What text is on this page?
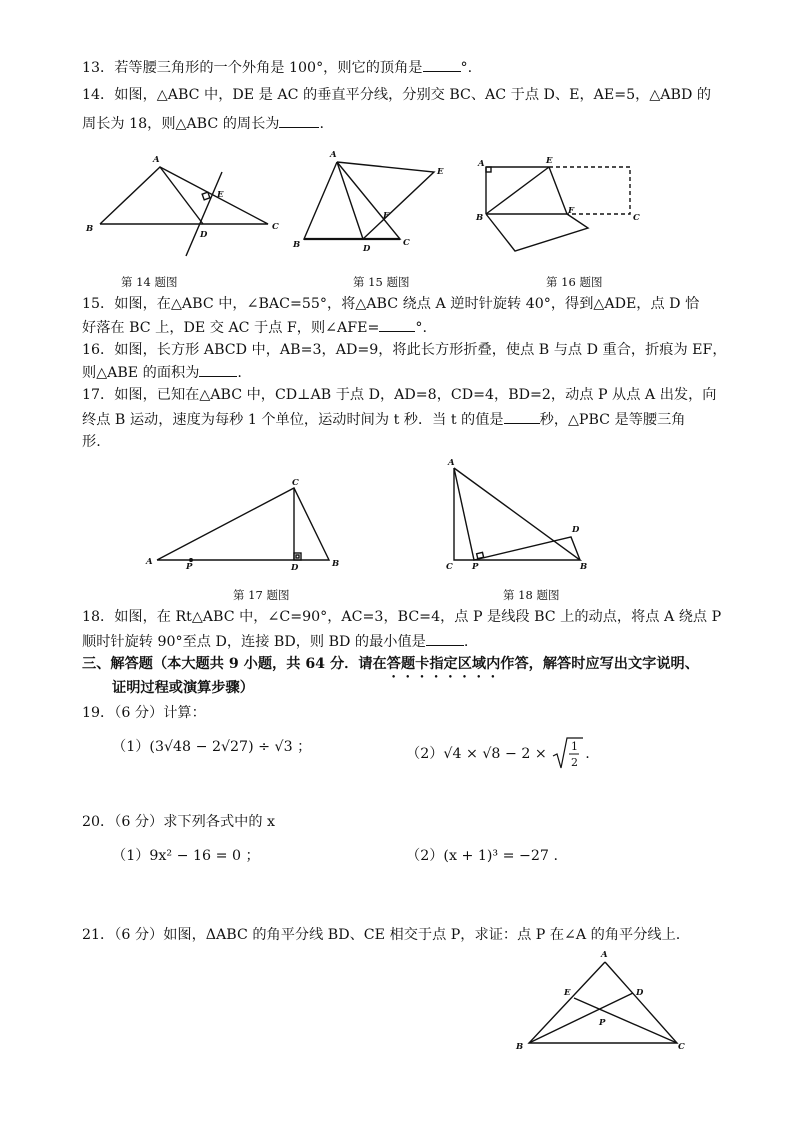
13．若等腰三角形的一个外角是 100°，则它的顶角是	°.
14．如图，△ABC 中，DE 是 AC 的垂直平分线，分别交 BC、AC 于点 D、E，AE=5，△ABD 的
周长为 18，则△ABC 的周长为	.
A
B	C
D
E
A
B	C
D
E
F
A
B	C
E
F
A	B
C
D
P
A
B
C
D
P
A
B	C
D
E
P
第 14 题图	第 15 题图	第 16 题图
15．如图，在△ABC 中，∠BAC=55°，将△ABC 绕点 A 逆时针旋转 40°，得到△ADE，点 D 恰
好落在 BC 上，DE 交 AC 于点 F，则∠AFE=	°.
16．如图，长方形 ABCD 中，AB=3，AD=9，将此长方形折叠，使点 B 与点 D 重合，折痕为 EF，
则△ABE 的面积为	.
17．如图，已知在△ABC 中，CD⊥AB 于点 D，AD=8，CD=4，BD=2，动点 P 从点 A 出发，向
终点 B 运动，速度为每秒 1 个单位，运动时间为 t 秒．当 t 的值是	秒，△PBC 是等腰三角
形.
第 17 题图	第 18 题图
18．如图，在 Rt△ABC 中，∠C=90°，AC=3，BC=4，点 P 是线段 BC 上的动点，将点 A 绕点 P
顺时针旋转 90°至点 D，连接 BD，则 BD 的最小值是	.
三、解答题（本大题共 9 小题，共 64 分．请在答题卡指定区域内作答，解答时应写出文字说明、
证明过程或演算步骤）
19．（6 分）计算：
（1）(3√48 − 2√27) ÷ √3 ；	（2）√4 × √8 − 2 × 1
2
.
20．（6 分）求下列各式中的 x
（1）9x² − 16 = 0 ；	（2）(x + 1)³ = −27 .
21．（6 分）如图，ΔABC 的角平分线 BD、CE 相交于点 P，求证：点 P 在∠A 的角平分线上.
